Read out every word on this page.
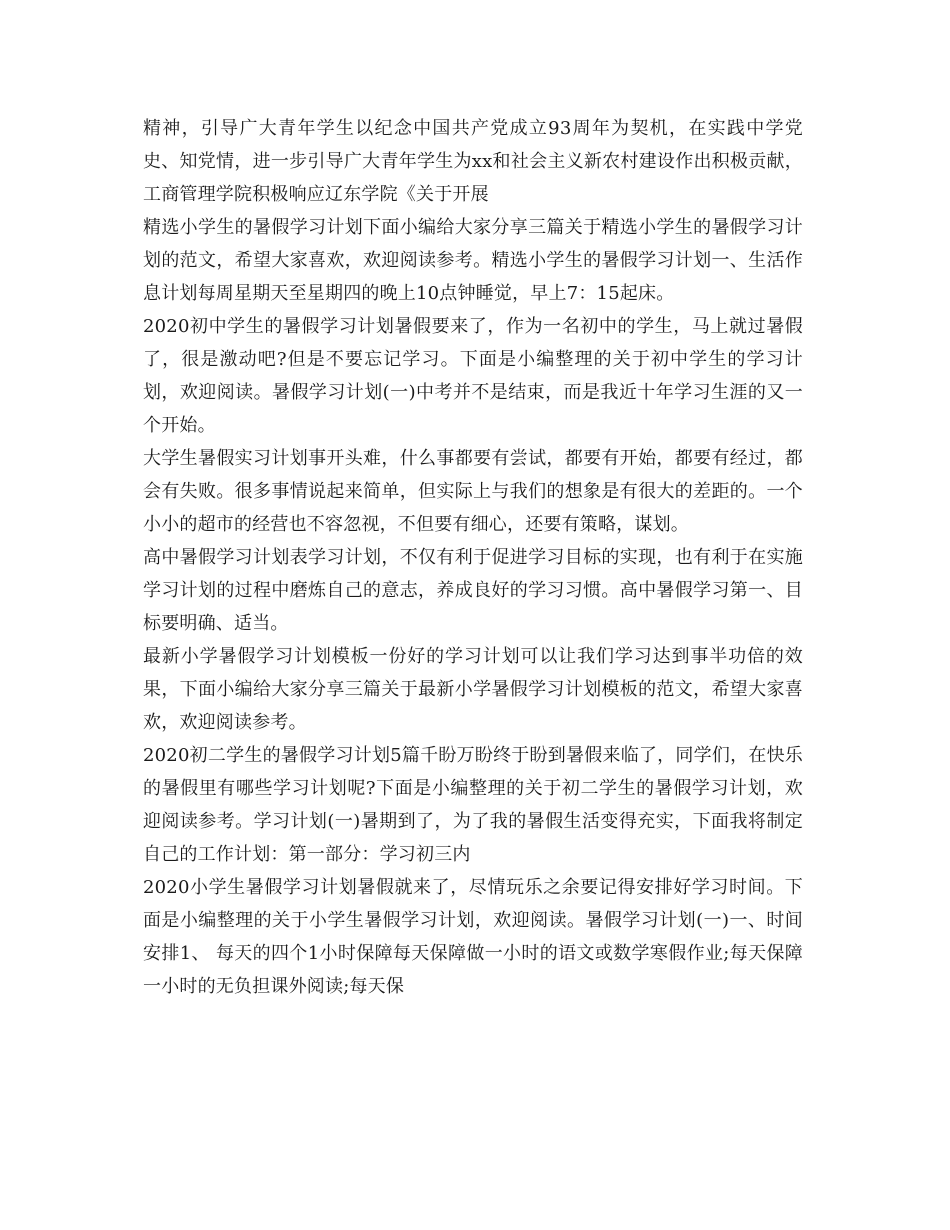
精神，引导广大青年学生以纪念中国共产党成立93周年为契机，在实践中学党史、知党情，进一步引导广大青年学生为xx和社会主义新农村建设作出积极贡献，工商管理学院积极响应辽东学院《关于开展

精选小学生的暑假学习计划下面小编给大家分享三篇关于精选小学生的暑假学习计划的范文，希望大家喜欢，欢迎阅读参考。精选小学生的暑假学习计划一、生活作息计划每周星期天至星期四的晚上10点钟睡觉，早上7：15起床。

2020初中学生的暑假学习计划暑假要来了，作为一名初中的学生，马上就过暑假了，很是激动吧?但是不要忘记学习。下面是小编整理的关于初中学生的学习计划，欢迎阅读。暑假学习计划(一)中考并不是结束，而是我近十年学习生涯的又一个开始。

大学生暑假实习计划事开头难，什么事都要有尝试，都要有开始，都要有经过，都会有失败。很多事情说起来简单，但实际上与我们的想象是有很大的差距的。一个小小的超市的经营也不容忽视，不但要有细心，还要有策略，谋划。

高中暑假学习计划表学习计划，不仅有利于促进学习目标的实现，也有利于在实施学习计划的过程中磨炼自己的意志，养成良好的学习习惯。高中暑假学习第一、目标要明确、适当。

最新小学暑假学习计划模板一份好的学习计划可以让我们学习达到事半功倍的效果，下面小编给大家分享三篇关于最新小学暑假学习计划模板的范文，希望大家喜欢，欢迎阅读参考。

2020初二学生的暑假学习计划5篇千盼万盼终于盼到暑假来临了，同学们，在快乐的暑假里有哪些学习计划呢?下面是小编整理的关于初二学生的暑假学习计划，欢迎阅读参考。学习计划(一)暑期到了，为了我的暑假生活变得充实，下面我将制定自己的工作计划：第一部分：学习初三内

2020小学生暑假学习计划暑假就来了，尽情玩乐之余要记得安排好学习时间。下面是小编整理的关于小学生暑假学习计划，欢迎阅读。暑假学习计划(一)一、时间安排1、 每天的四个1小时保障每天保障做一小时的语文或数学寒假作业;每天保障一小时的无负担课外阅读;每天保
